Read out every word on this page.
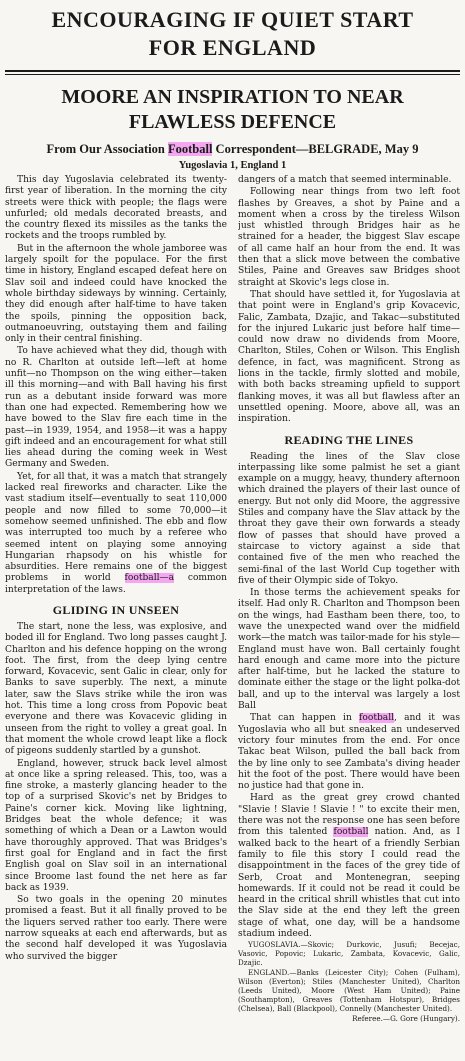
ENCOURAGING IF QUIET START
FOR ENGLAND
MOORE AN INSPIRATION TO NEAR
FLAWLESS DEFENCE
From Our Association Football Correspondent—BELGRADE, May 9
Yugoslavia 1, England 1

This day Yugoslavia celebrated its twenty-first year of liberation. In the morning the city streets were thick with people; the flags were unfurled; old medals decorated breasts, and the country flexed its missiles as the tanks the rockets and the troops rumbled by.

But in the afternoon the whole jamboree was largely spoilt for the populace. For the first time in history, England escaped defeat here on Slav soil and indeed could have knocked the whole birthday sideways by winning. Certainly, they did enough after half-time to have taken the spoils, pinning the opposition back, outmanoeuvring, outstaying them and failing only in their central finishing.

To have achieved what they did, though with no R. Charlton at outside left—left at home unfit—no Thompson on the wing either—taken ill this morning—and with Ball having his first run as a debutant inside forward was more than one had expected. Remembering how we have bowed to the Slav fire each time in the past—in 1939, 1954, and 1958—it was a happy gift indeed and an encouragement for what still lies ahead during the coming week in West Germany and Sweden.

Yet, for all that, it was a match that strangely lacked real fireworks and character. Like the vast stadium itself—eventually to seat 110,000 people and now filled to some 70,000—it somehow seemed unfinished. The ebb and flow was interrupted too much by a referee who seemed intent on playing some annoying Hungarian rhapsody on his whistle for absurdities. Here remains one of the biggest problems in world football—a common interpretation of the laws.

GLIDING IN UNSEEN

The start, none the less, was explosive, and boded ill for England. Two long passes caught J. Charlton and his defence hopping on the wrong foot. The first, from the deep lying centre forward, Kovacevic, sent Galic in clear, only for Banks to save superbly. The next, a minute later, saw the Slavs strike while the iron was hot. This time a long cross from Popovic beat everyone and there was Kovacevic gliding in unseen from the right to volley a great goal. In that moment the whole crowd leapt like a flock of pigeons suddenly startled by a gunshot.

England, however, struck back level almost at once like a spring released. This, too, was a fine stroke, a masterly glancing header to the top of a surprised Skovic's net by Bridges to Paine's corner kick. Moving like lightning, Bridges beat the whole defence; it was something of which a Dean or a Lawton would have thoroughly approved. That was Bridges's first goal for England and in fact the first English goal on Slav soil in an international since Broome last found the net here as far back as 1939.

So two goals in the opening 20 minutes promised a feast. But it all finally proved to be the liquers served rather too early. There were narrow squeaks at each end afterwards, but as the second half developed it was Yugoslavia who survived the bigger

dangers of a match that seemed interminable.

Following near things from two left foot flashes by Greaves, a shot by Paine and a moment when a cross by the tireless Wilson just whistled through Bridges hair as he strained for a header, the biggest Slav escape of all came half an hour from the end. It was then that a slick move between the combative Stiles, Paine and Greaves saw Bridges shoot straight at Skovic's legs close in.

That should have settled it, for Yugoslavia at that point were in England's grip Kovacevic, Falic, Zambata, Dzajic, and Takac—substituted for the injured Lukaric just before half time—could now draw no dividends from Moore, Charlton, Stiles, Cohen or Wilson. This English defence, in fact, was magnificent. Strong as lions in the tackle, firmly slotted and mobile, with both backs streaming upfield to support flanking moves, it was all but flawless after an unsettled opening. Moore, above all, was an inspiration.

READING THE LINES

Reading the lines of the Slav close interpassing like some palmist he set a giant example on a muggy, heavy, thundery afternoon which drained the players of their last ounce of energy. But not only did Moore, the aggressive Stiles and company have the Slav attack by the throat they gave their own forwards a steady flow of passes that should have proved a staircase to victory against a side that contained five of the men who reached the semi-final of the last World Cup together with five of their Olympic side of Tokyo.

In those terms the achievement speaks for itself. Had only R. Charlton and Thompson been on the wings, had Eastham been there, too, to wave the unexpected wand over the midfield work—the match was tailor-made for his style—England must have won. Ball certainly fought hard enough and came more into the picture after half-time, but he lacked the stature to dominate either the stage or the light polka-dot ball, and up to the interval was largely a lost Ball

That can happen in football, and it was Yugoslavia who all but sneaked an undeserved victory four minutes from the end. For once Takac beat Wilson, pulled the ball back from the by line only to see Zambata's diving header hit the foot of the post. There would have been no justice had that gone in.

Hard as the great grey crowd chanted "Slavie ! Slavie ! Slavie ! " to excite their men, there was not the response one has seen before from this talented football nation. And, as I walked back to the heart of a friendly Serbian family to file this story I could read the disappointment in the faces of the grey tide of Serb, Croat and Montenegran, seeping homewards. If it could not be read it could be heard in the critical shrill whistles that cut into the Slav side at the end they left the green stage of what, one day, will be a handsome stadium indeed.

YUGOSLAVIA.—Skovic; Durkovic, Jusufi; Becejac, Vasovic, Popovic; Lukaric, Zambata, Kovacevic, Galic, Dzajic.

ENGLAND.—Banks (Leicester City); Cohen (Fulham), Wilson (Everton); Stiles (Manchester United), Charlton (Leeds United), Moore (West Ham United); Paine (Southampton), Greaves (Tottenham Hotspur), Bridges (Chelsea), Ball (Blackpool), Connelly (Manchester United).

Referee.—G. Gore (Hungary).
